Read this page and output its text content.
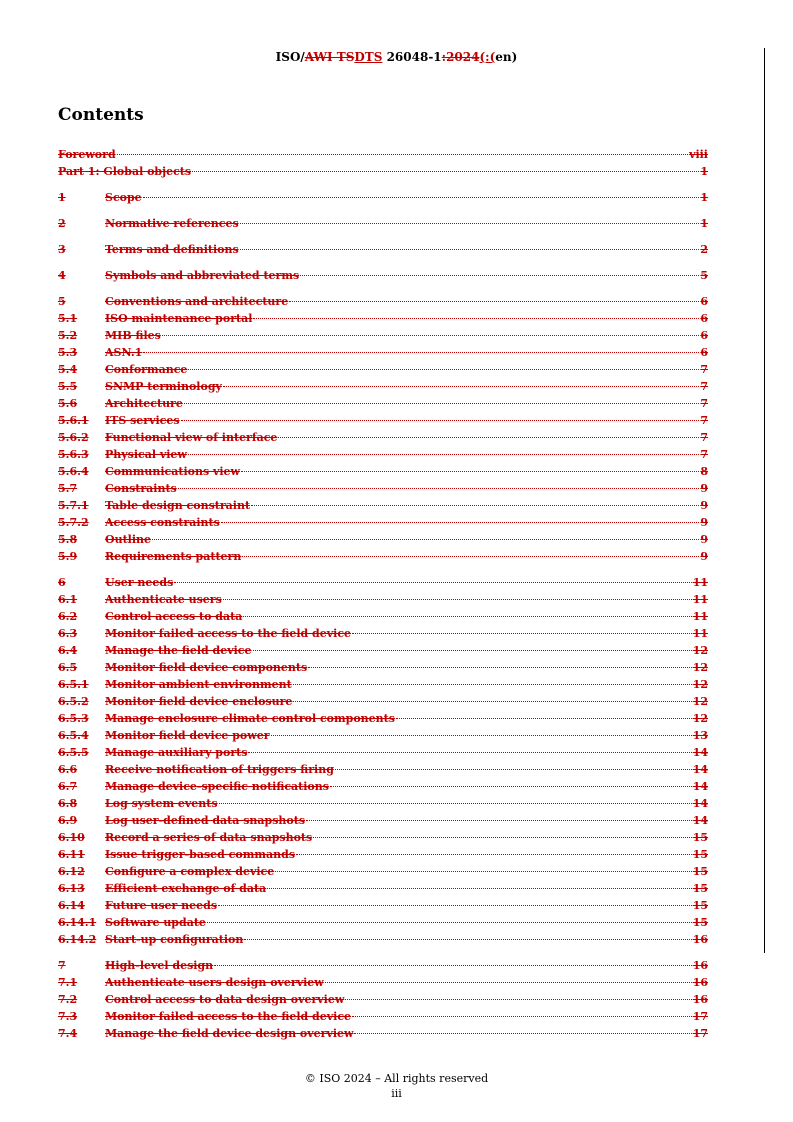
ISO/AWI TSDTS 26048-1:2024(:(en)
Contents
Foreword	viii
Part 1: Global objects	1
1	Scope	1
2	Normative references	1
3	Terms and definitions	2
4	Symbols and abbreviated terms	5
5	Conventions and architecture	6
5.1	ISO maintenance portal	6
5.2	MIB files	6
5.3	ASN.1	6
5.4	Conformance	7
5.5	SNMP terminology	7
5.6	Architecture	7
5.6.1	ITS services	7
5.6.2	Functional view of interface	7
5.6.3	Physical view	7
5.6.4	Communications view	8
5.7	Constraints	9
5.7.1	Table design constraint	9
5.7.2	Access constraints	9
5.8	Outline	9
5.9	Requirements pattern	9
6	User needs	11
6.1	Authenticate users	11
6.2	Control access to data	11
6.3	Monitor failed access to the field device	11
6.4	Manage the field device	12
6.5	Monitor field device components	12
6.5.1	Monitor ambient environment	12
6.5.2	Monitor field device enclosure	12
6.5.3	Manage enclosure climate control components	12
6.5.4	Monitor field device power	13
6.5.5	Manage auxiliary ports	14
6.6	Receive notification of triggers firing	14
6.7	Manage device-specific notifications	14
6.8	Log system events	14
6.9	Log user-defined data snapshots	14
6.10	Record a series of data snapshots	15
6.11	Issue trigger-based commands	15
6.12	Configure a complex device	15
6.13	Efficient exchange of data	15
6.14	Future user needs	15
6.14.1 Software update	15
6.14.2 Start-up configuration	16
7	High-level design	16
7.1	Authenticate users design overview	16
7.2	Control access to data design overview	16
7.3	Monitor failed access to the field device	17
7.4	Manage the field device design overview	17
© ISO 2024 – All rights reserved
iii
